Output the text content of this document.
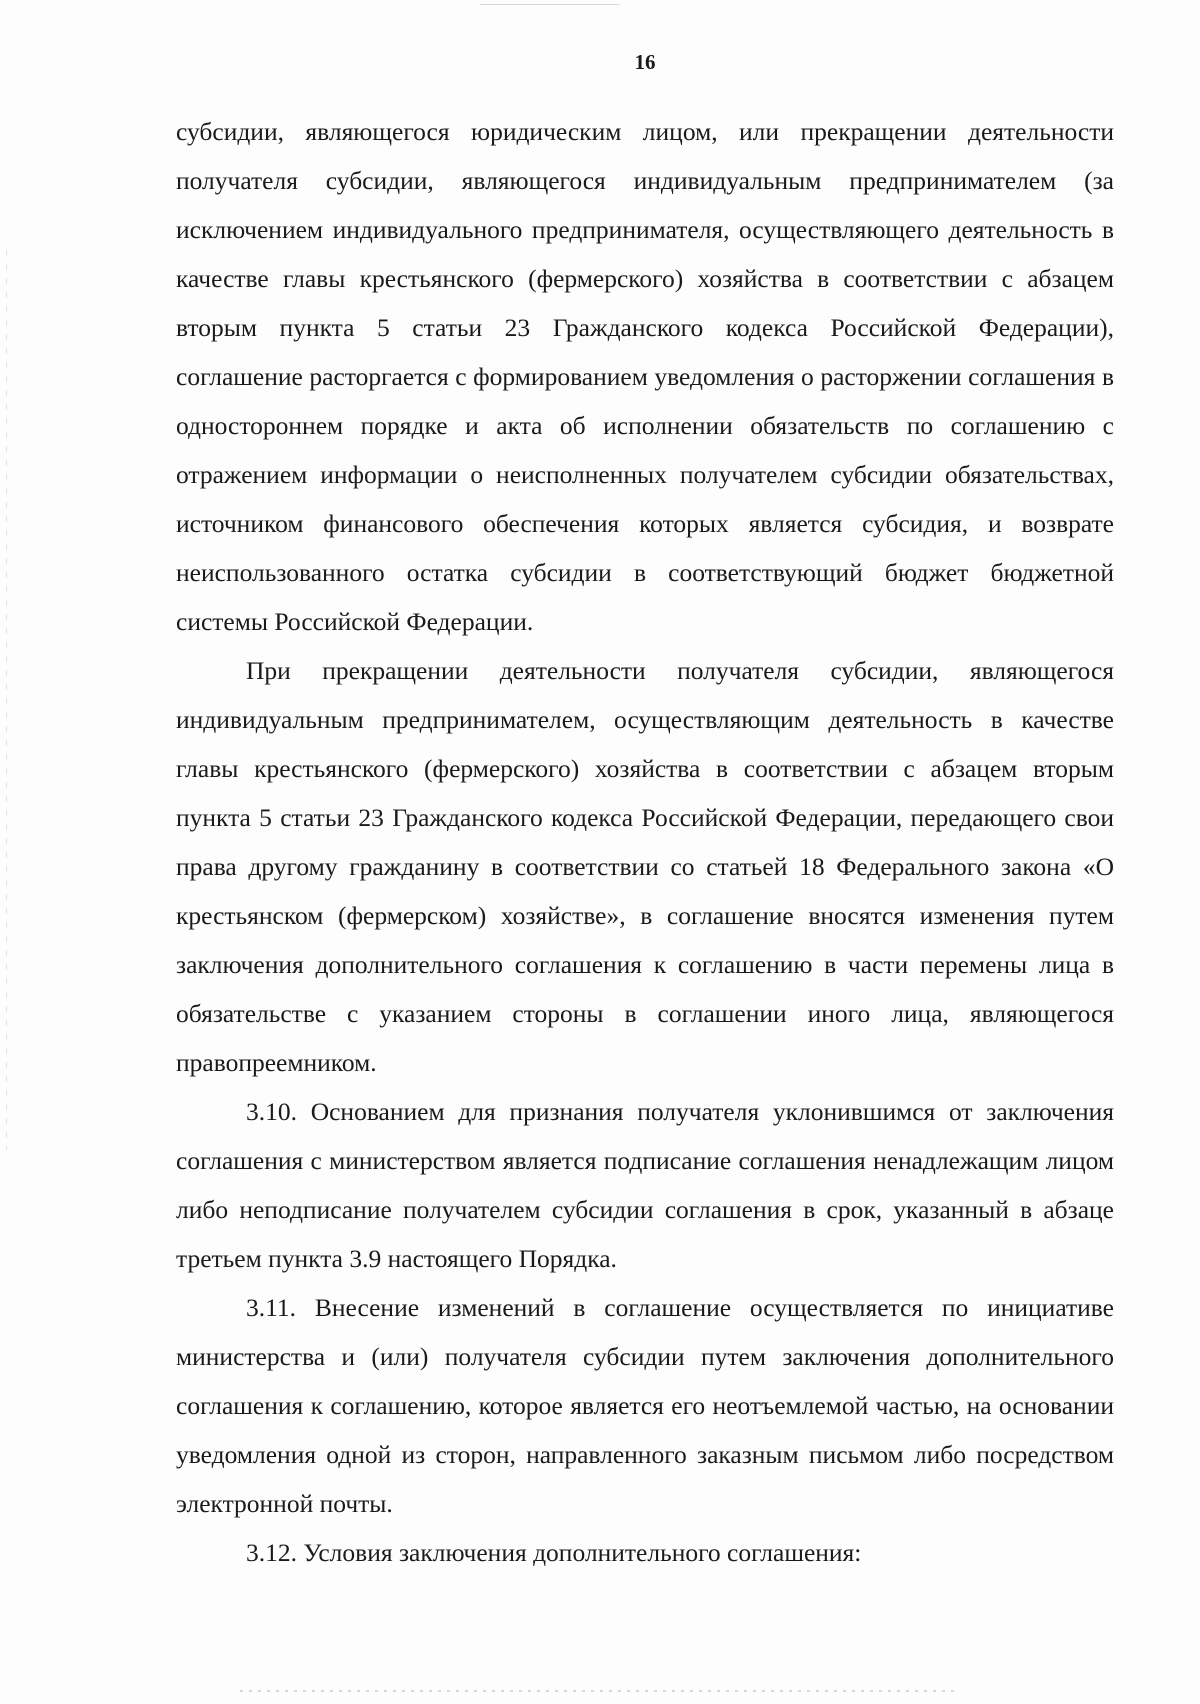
16

субсидии, являющегося юридическим лицом, или прекращении деятельности получателя субсидии, являющегося индивидуальным предпринимателем (за исключением индивидуального предпринимателя, осуществляющего деятельность в качестве главы крестьянского (фермерского) хозяйства в соответствии с абзацем вторым пункта 5 статьи 23 Гражданского кодекса Российской Федерации), соглашение расторгается с формированием уведомления о расторжении соглашения в одностороннем порядке и акта об исполнении обязательств по соглашению с отражением информации о неисполненных получателем субсидии обязательствах, источником финансового обеспечения которых является субсидия, и возврате неиспользованного остатка субсидии в соответствующий бюджет бюджетной системы Российской Федерации.

При прекращении деятельности получателя субсидии, являющегося индивидуальным предпринимателем, осуществляющим деятельность в качестве главы крестьянского (фермерского) хозяйства в соответствии с абзацем вторым пункта 5 статьи 23 Гражданского кодекса Российской Федерации, передающего свои права другому гражданину в соответствии со статьей 18 Федерального закона «О крестьянском (фермерском) хозяйстве», в соглашение вносятся изменения путем заключения дополнительного соглашения к соглашению в части перемены лица в обязательстве с указанием стороны в соглашении иного лица, являющегося правопреемником.

3.10. Основанием для признания получателя уклонившимся от заключения соглашения с министерством является подписание соглашения ненадлежащим лицом либо неподписание получателем субсидии соглашения в срок, указанный в абзаце третьем пункта 3.9 настоящего Порядка.

3.11. Внесение изменений в соглашение осуществляется по инициативе министерства и (или) получателя субсидии путем заключения дополнительного соглашения к соглашению, которое является его неотъемлемой частью, на основании уведомления одной из сторон, направленного заказным письмом либо посредством электронной почты.

3.12. Условия заключения дополнительного соглашения:
